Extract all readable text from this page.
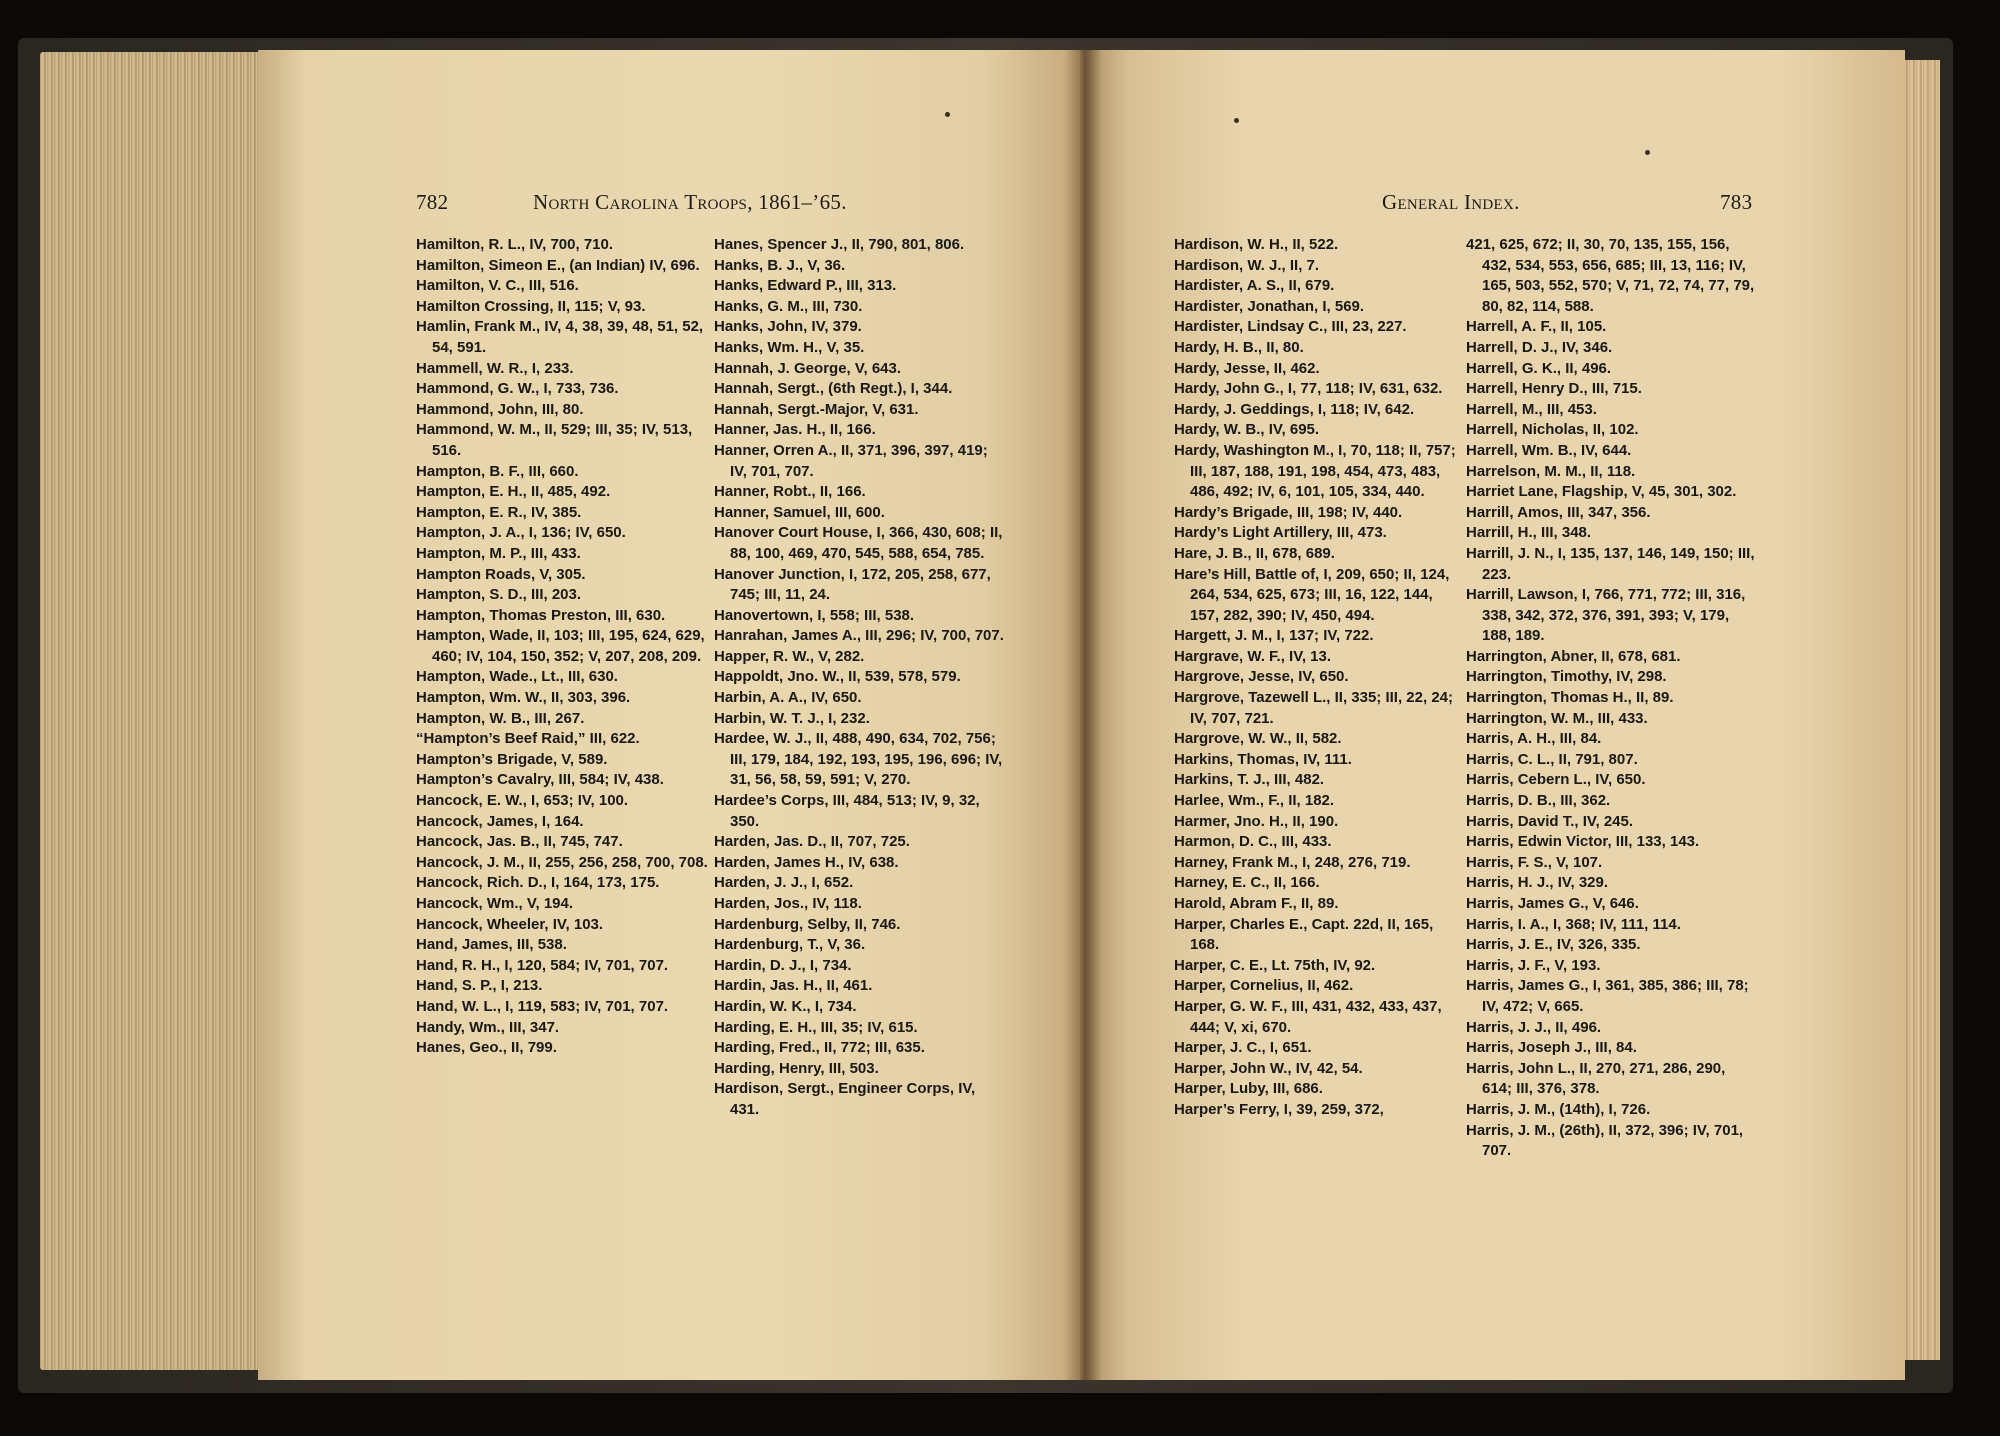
782	North Carolina Troops, 1861–’65.	General Index.	783
Hamilton, R. L., IV, 700, 710.
Hamilton, Simeon E., (an Indian) IV, 696.
Hamilton, V. C., III, 516.
Hamilton Crossing, II, 115; V, 93.
Hamlin, Frank M., IV, 4, 38, 39, 48, 51, 52, 54, 591.
Hammell, W. R., I, 233.
Hammond, G. W., I, 733, 736.
Hammond, John, III, 80.
Hammond, W. M., II, 529; III, 35; IV, 513, 516.
Hampton, B. F., III, 660.
Hampton, E. H., II, 485, 492.
Hampton, E. R., IV, 385.
Hampton, J. A., I, 136; IV, 650.
Hampton, M. P., III, 433.
Hampton Roads, V, 305.
Hampton, S. D., III, 203.
Hampton, Thomas Preston, III, 630.
Hampton, Wade, II, 103; III, 195, 624, 629, 460; IV, 104, 150, 352; V, 207, 208, 209.
Hampton, Wade., Lt., III, 630.
Hampton, Wm. W., II, 303, 396.
Hampton, W. B., III, 267.
“Hampton’s Beef Raid,” III, 622.
Hampton’s Brigade, V, 589.
Hampton’s Cavalry, III, 584; IV, 438.
Hancock, E. W., I, 653; IV, 100.
Hancock, James, I, 164.
Hancock, Jas. B., II, 745, 747.
Hancock, J. M., II, 255, 256, 258, 700, 708.
Hancock, Rich. D., I, 164, 173, 175.
Hancock, Wm., V, 194.
Hancock, Wheeler, IV, 103.
Hand, James, III, 538.
Hand, R. H., I, 120, 584; IV, 701, 707.
Hand, S. P., I, 213.
Hand, W. L., I, 119, 583; IV, 701, 707.
Handy, Wm., III, 347.
Hanes, Geo., II, 799.
Hanes, Spencer J., II, 790, 801, 806.
Hanks, B. J., V, 36.
Hanks, Edward P., III, 313.
Hanks, G. M., III, 730.
Hanks, John, IV, 379.
Hanks, Wm. H., V, 35.
Hannah, J. George, V, 643.
Hannah, Sergt., (6th Regt.), I, 344.
Hannah, Sergt.-Major, V, 631.
Hanner, Jas. H., II, 166.
Hanner, Orren A., II, 371, 396, 397, 419; IV, 701, 707.
Hanner, Robt., II, 166.
Hanner, Samuel, III, 600.
Hanover Court House, I, 366, 430, 608; II, 88, 100, 469, 470, 545, 588, 654, 785.
Hanover Junction, I, 172, 205, 258, 677, 745; III, 11, 24.
Hanovertown, I, 558; III, 538.
Hanrahan, James A., III, 296; IV, 700, 707.
Happer, R. W., V, 282.
Happoldt, Jno. W., II, 539, 578, 579.
Harbin, A. A., IV, 650.
Harbin, W. T. J., I, 232.
Hardee, W. J., II, 488, 490, 634, 702, 756; III, 179, 184, 192, 193, 195, 196, 696; IV, 31, 56, 58, 59, 591; V, 270.
Hardee’s Corps, III, 484, 513; IV, 9, 32, 350.
Harden, Jas. D., II, 707, 725.
Harden, James H., IV, 638.
Harden, J. J., I, 652.
Harden, Jos., IV, 118.
Hardenburg, Selby, II, 746.
Hardenburg, T., V, 36.
Hardin, D. J., I, 734.
Hardin, Jas. H., II, 461.
Hardin, W. K., I, 734.
Harding, E. H., III, 35; IV, 615.
Harding, Fred., II, 772; III, 635.
Harding, Henry, III, 503.
Hardison, Sergt., Engineer Corps, IV, 431.
Hardison, W. H., II, 522.
Hardison, W. J., II, 7.
Hardister, A. S., II, 679.
Hardister, Jonathan, I, 569.
Hardister, Lindsay C., III, 23, 227.
Hardy, H. B., II, 80.
Hardy, Jesse, II, 462.
Hardy, John G., I, 77, 118; IV, 631, 632.
Hardy, J. Geddings, I, 118; IV, 642.
Hardy, W. B., IV, 695.
Hardy, Washington M., I, 70, 118; II, 757; III, 187, 188, 191, 198, 454, 473, 483, 486, 492; IV, 6, 101, 105, 334, 440.
Hardy’s Brigade, III, 198; IV, 440.
Hardy’s Light Artillery, III, 473.
Hare, J. B., II, 678, 689.
Hare’s Hill, Battle of, I, 209, 650; II, 124, 264, 534, 625, 673; III, 16, 122, 144, 157, 282, 390; IV, 450, 494.
Hargett, J. M., I, 137; IV, 722.
Hargrave, W. F., IV, 13.
Hargrove, Jesse, IV, 650.
Hargrove, Tazewell L., II, 335; III, 22, 24; IV, 707, 721.
Hargrove, W. W., II, 582.
Harkins, Thomas, IV, 111.
Harkins, T. J., III, 482.
Harlee, Wm., F., II, 182.
Harmer, Jno. H., II, 190.
Harmon, D. C., III, 433.
Harney, Frank M., I, 248, 276, 719.
Harney, E. C., II, 166.
Harold, Abram F., II, 89.
Harper, Charles E., Capt. 22d, II, 165, 168.
Harper, C. E., Lt. 75th, IV, 92.
Harper, Cornelius, II, 462.
Harper, G. W. F., III, 431, 432, 433, 437, 444; V, xi, 670.
Harper, J. C., I, 651.
Harper, John W., IV, 42, 54.
Harper, Luby, III, 686.
Harper’s Ferry, I, 39, 259, 372,
421, 625, 672; II, 30, 70, 135, 155, 156, 432, 534, 553, 656, 685; III, 13, 116; IV, 165, 503, 552, 570; V, 71, 72, 74, 77, 79, 80, 82, 114, 588.
Harrell, A. F., II, 105.
Harrell, D. J., IV, 346.
Harrell, G. K., II, 496.
Harrell, Henry D., III, 715.
Harrell, M., III, 453.
Harrell, Nicholas, II, 102.
Harrell, Wm. B., IV, 644.
Harrelson, M. M., II, 118.
Harriet Lane, Flagship, V, 45, 301, 302.
Harrill, Amos, III, 347, 356.
Harrill, H., III, 348.
Harrill, J. N., I, 135, 137, 146, 149, 150; III, 223.
Harrill, Lawson, I, 766, 771, 772; III, 316, 338, 342, 372, 376, 391, 393; V, 179, 188, 189.
Harrington, Abner, II, 678, 681.
Harrington, Timothy, IV, 298.
Harrington, Thomas H., II, 89.
Harrington, W. M., III, 433.
Harris, A. H., III, 84.
Harris, C. L., II, 791, 807.
Harris, Cebern L., IV, 650.
Harris, D. B., III, 362.
Harris, David T., IV, 245.
Harris, Edwin Victor, III, 133, 143.
Harris, F. S., V, 107.
Harris, H. J., IV, 329.
Harris, James G., V, 646.
Harris, I. A., I, 368; IV, 111, 114.
Harris, J. E., IV, 326, 335.
Harris, J. F., V, 193.
Harris, James G., I, 361, 385, 386; III, 78; IV, 472; V, 665.
Harris, J. J., II, 496.
Harris, Joseph J., III, 84.
Harris, John L., II, 270, 271, 286, 290, 614; III, 376, 378.
Harris, J. M., (14th), I, 726.
Harris, J. M., (26th), II, 372, 396; IV, 701, 707.
